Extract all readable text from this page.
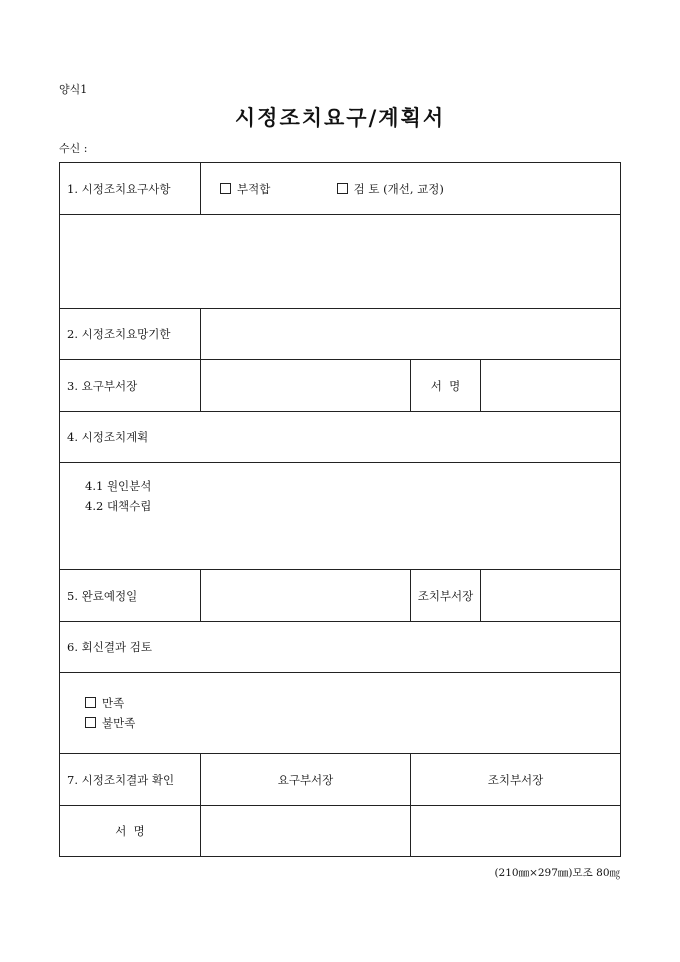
양식1
시정조치요구/계획서
수신 :
1. 시정조치요구사항	부적합 검 토 (개선, 교정)		

2. 시정조치요망기한			
3. 요구부서장		서  명	
4. 시정조치계획			

4.1 원인분석
4.2 대책수립			

5. 완료예정일		조치부서장	
6. 회신결과 검토			

만족
불만족			

7. 시정조치결과 확인	요구부서장	조치부서장	
서  명			
(210㎜×297㎜)모조 80㎎
